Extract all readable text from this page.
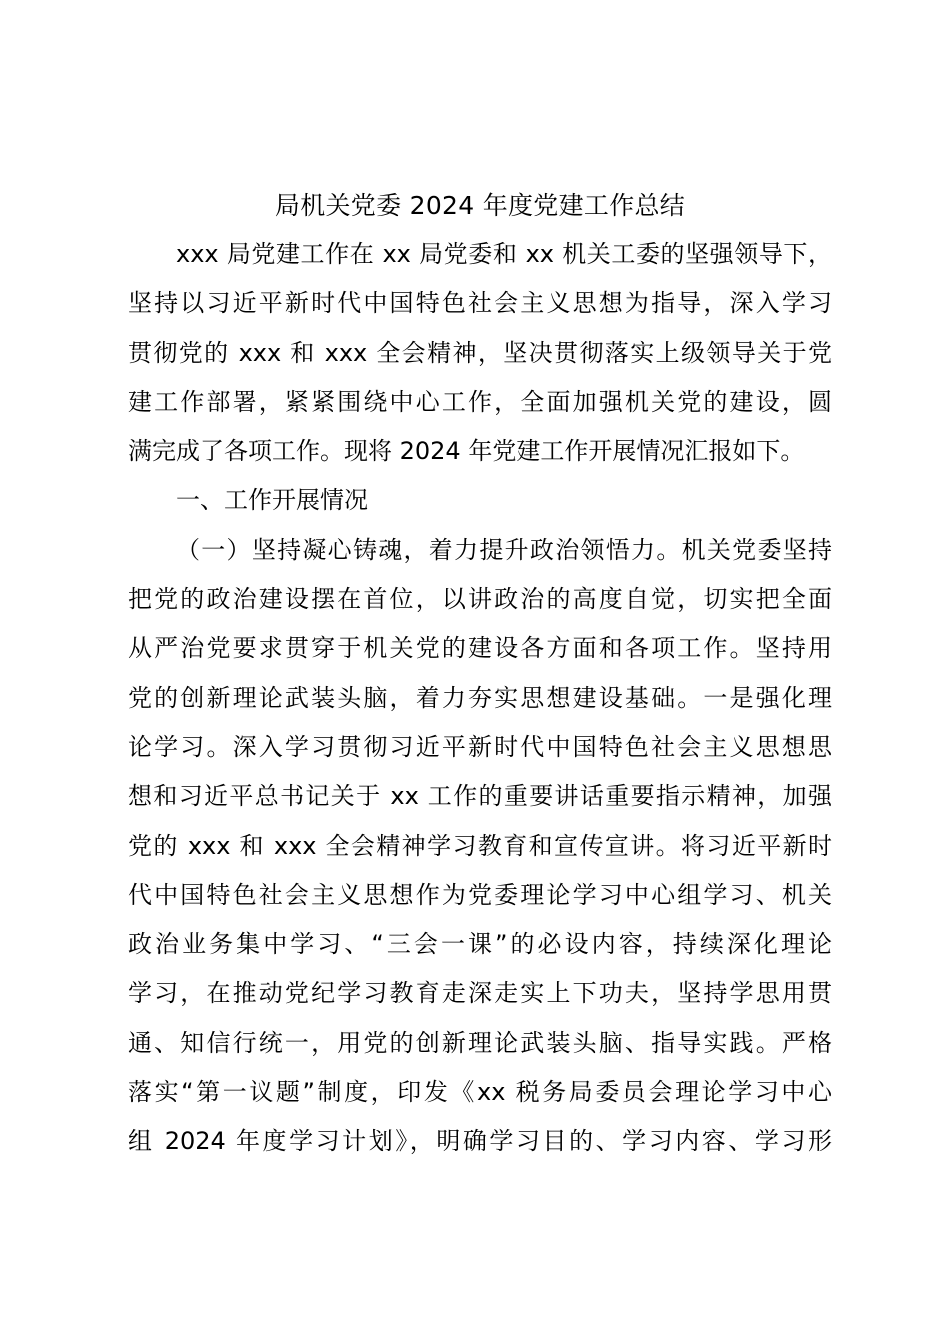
局机关党委 2024 年度党建工作总结
xxx 局党建工作在 xx 局党委和 xx 机关工委的坚强领导下，
坚持以习近平新时代中国特色社会主义思想为指导，深入学习
贯彻党的 xxx 和 xxx 全会精神，坚决贯彻落实上级领导关于党
建工作部署，紧紧围绕中心工作，全面加强机关党的建设，圆
满完成了各项工作。现将 2024 年党建工作开展情况汇报如下。
一、工作开展情况
（一）坚持凝心铸魂，着力提升政治领悟力。机关党委坚持
把党的政治建设摆在首位，以讲政治的高度自觉，切实把全面
从严治党要求贯穿于机关党的建设各方面和各项工作。坚持用
党的创新理论武装头脑，着力夯实思想建设基础。一是强化理
论学习。深入学习贯彻习近平新时代中国特色社会主义思想思
想和习近平总书记关于 xx 工作的重要讲话重要指示精神，加强
党的 xxx 和 xxx 全会精神学习教育和宣传宣讲。将习近平新时
代中国特色社会主义思想作为党委理论学习中心组学习、机关
政治业务集中学习、“三会一课”的必设内容，持续深化理论
学习，在推动党纪学习教育走深走实上下功夫，坚持学思用贯
通、知信行统一，用党的创新理论武装头脑、指导实践。严格
落实“第一议题”制度，印发《xx 税务局委员会理论学习中心
组 2024 年度学习计划》，明确学习目的、学习内容、学习形
